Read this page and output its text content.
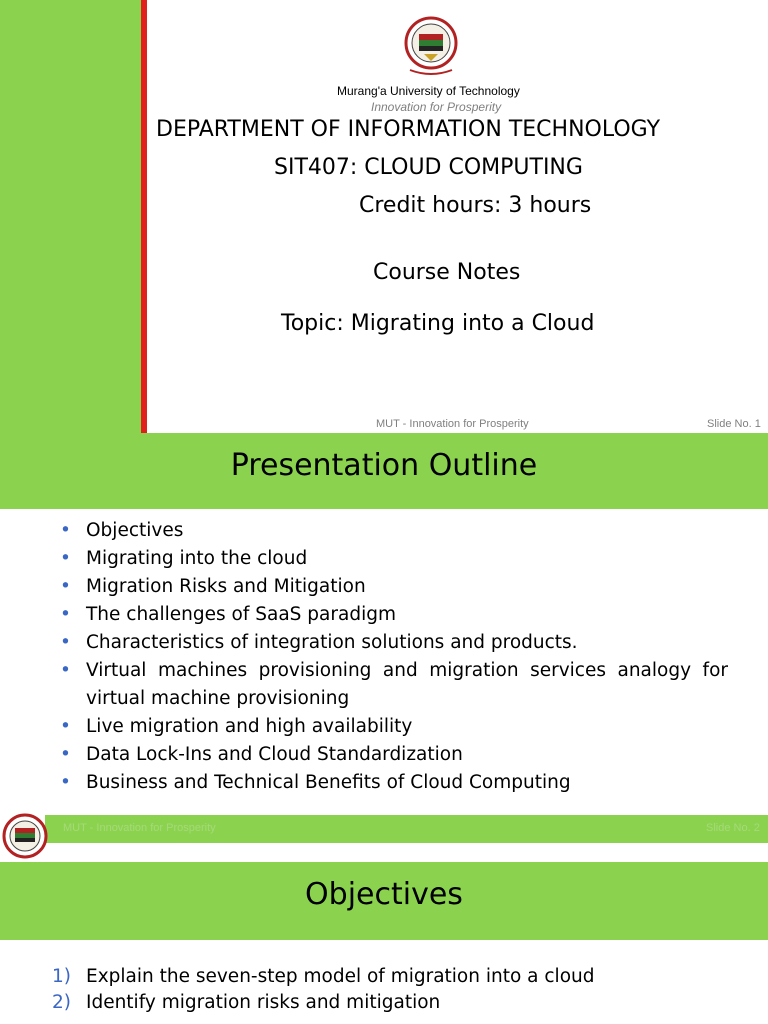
Murang'a University of Technology
Innovation for Prosperity
DEPARTMENT OF INFORMATION TECHNOLOGY
SIT407: CLOUD COMPUTING
Credit hours: 3 hours
Course Notes
Topic: Migrating into a Cloud
MUT - Innovation for Prosperity	Slide No. 1
Presentation Outline
• Objectives
• Migrating into the cloud
• Migration Risks and Mitigation
• The challenges of SaaS paradigm
• Characteristics of integration solutions and products.
• Virtual machines provisioning and migration services analogy for virtual machine provisioning
• Live migration and high availability
• Data Lock-Ins and Cloud Standardization
• Business and Technical Benefits of Cloud Computing
MUT - Innovation for Prosperity	Slide No. 2
Objectives
1) Explain the seven-step model of migration into a cloud
2) Identify migration risks and mitigation
